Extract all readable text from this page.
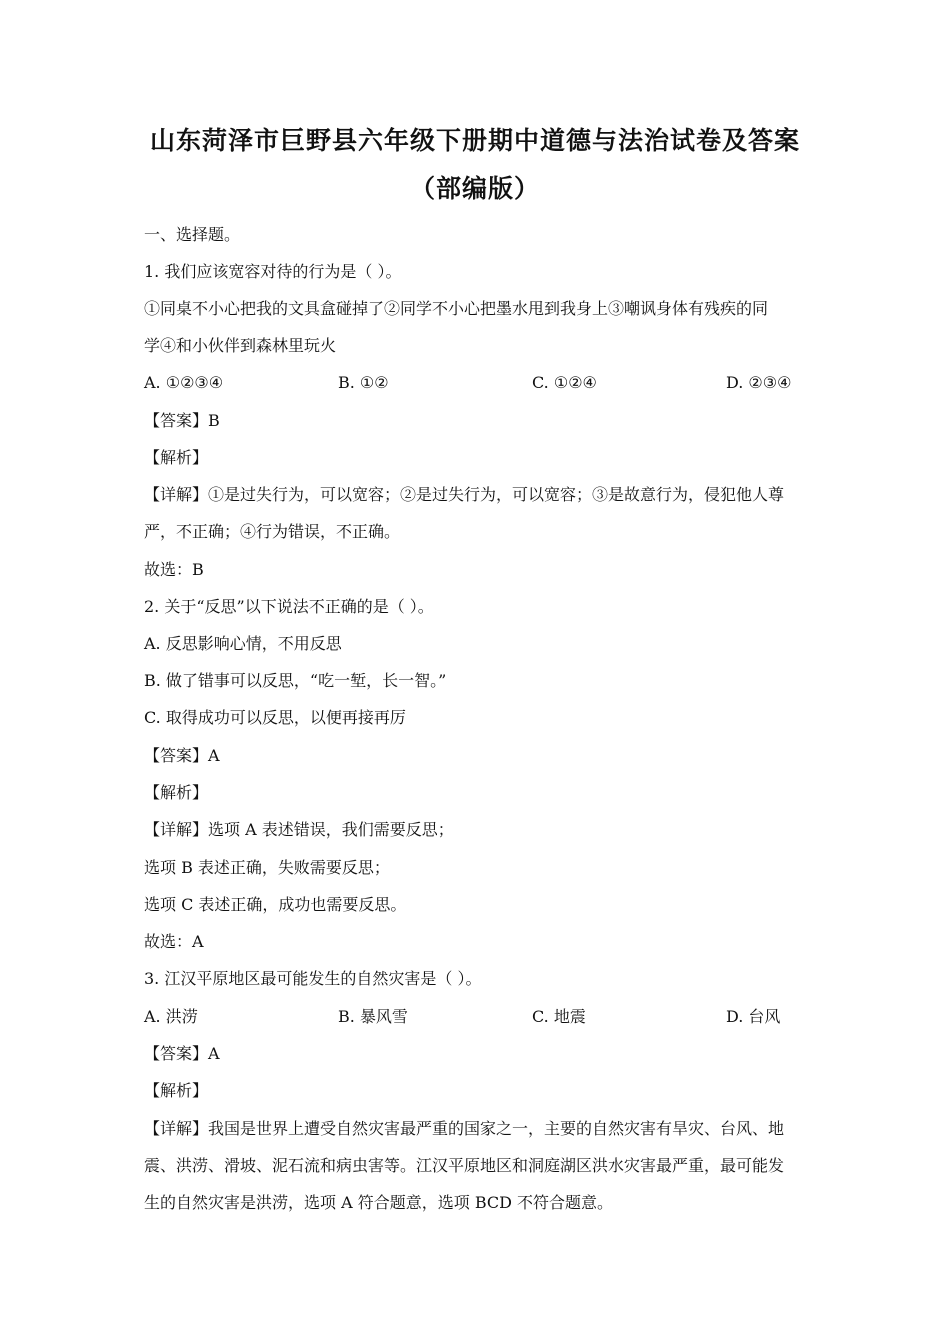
山东菏泽市巨野县六年级下册期中道德与法治试卷及答案
（部编版）
一、选择题。
1. 我们应该宽容对待的行为是（ ）。
①同桌不小心把我的文具盒碰掉了②同学不小心把墨水甩到我身上③嘲讽身体有残疾的同
学④和小伙伴到森林里玩火
A. ①②③④	B. ①②	C. ①②④	D. ②③④
【答案】B
【解析】
【详解】①是过失行为，可以宽容；②是过失行为，可以宽容；③是故意行为，侵犯他人尊
严，不正确；④行为错误，不正确。
故选：B
2. 关于“反思”以下说法不正确的是（ ）。
A. 反思影响心情，不用反思
B. 做了错事可以反思，“吃一堑，长一智。”
C. 取得成功可以反思，以便再接再厉
【答案】A
【解析】
【详解】选项 A 表述错误，我们需要反思；
选项 B 表述正确，失败需要反思；
选项 C 表述正确，成功也需要反思。
故选：A
3. 江汉平原地区最可能发生的自然灾害是（ ）。
A. 洪涝	B. 暴风雪	C. 地震	D. 台风
【答案】A
【解析】
【详解】我国是世界上遭受自然灾害最严重的国家之一，主要的自然灾害有旱灾、台风、地
震、洪涝、滑坡、泥石流和病虫害等。江汉平原地区和洞庭湖区洪水灾害最严重，最可能发
生的自然灾害是洪涝，选项 A 符合题意，选项 BCD 不符合题意。
